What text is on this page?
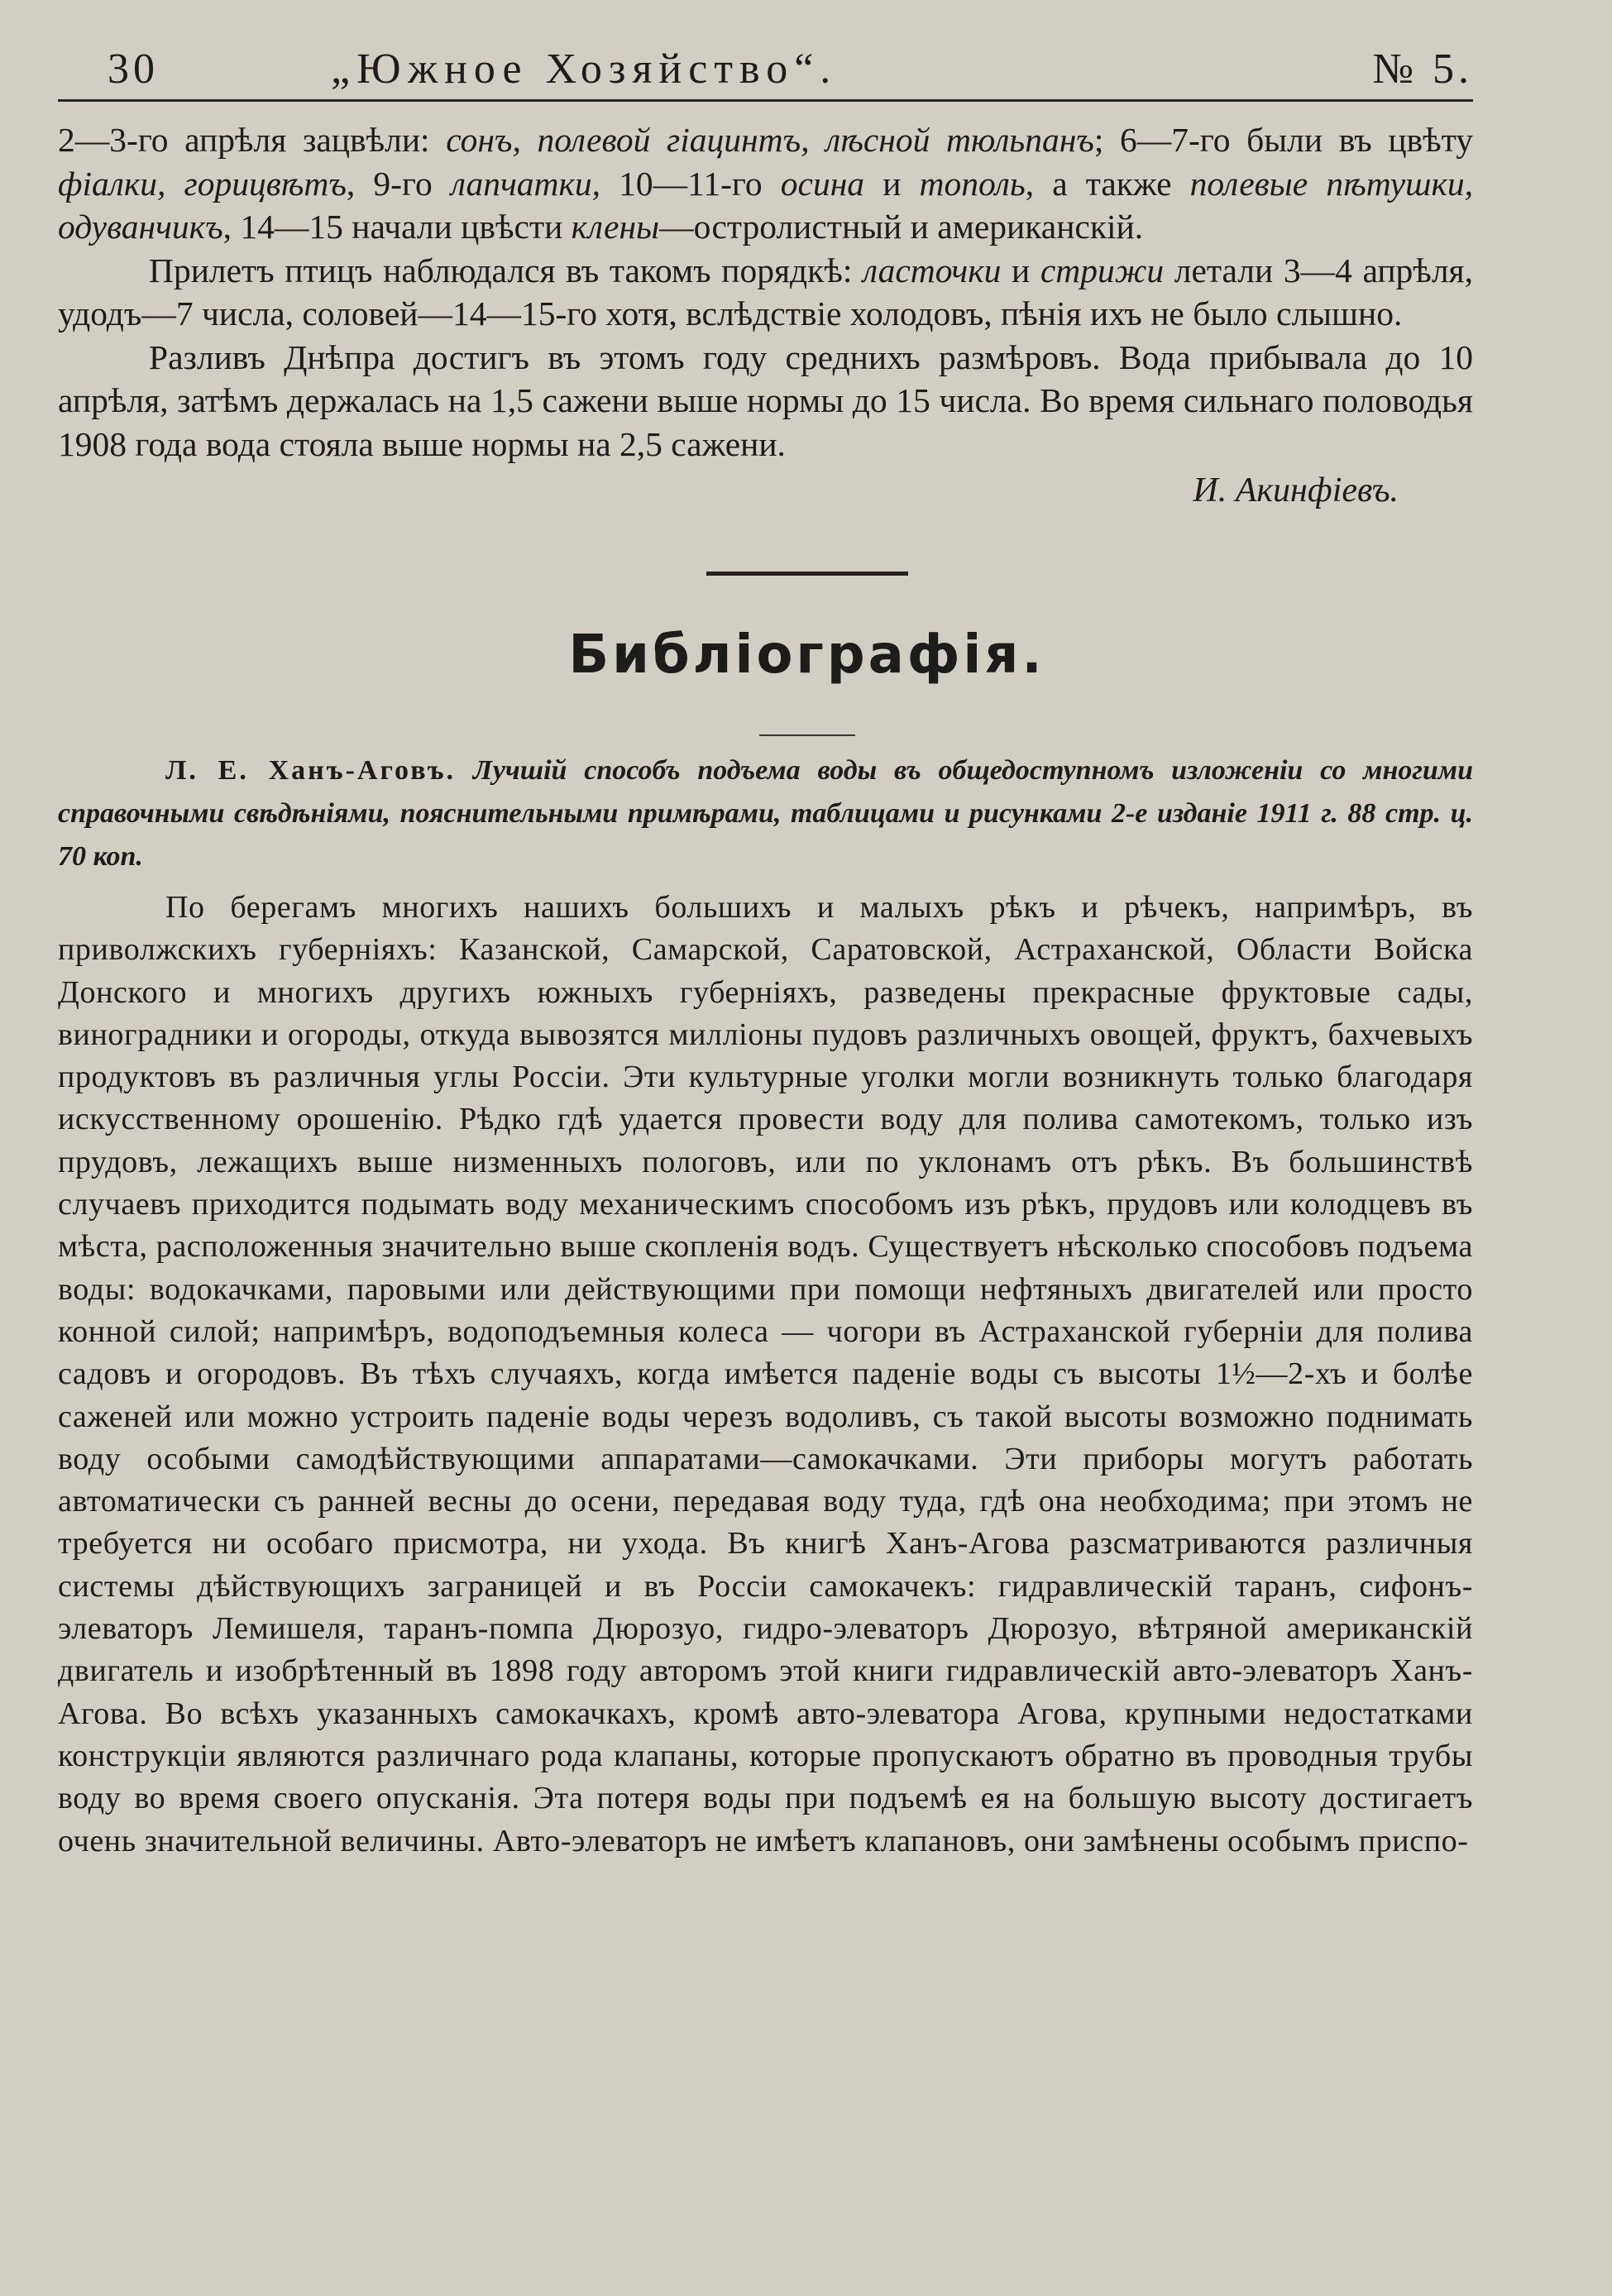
30	„Южное Хозяйство“.	№ 5.

2—3-го апрѣля зацвѣли: сонъ, полевой гіацинтъ, лѣсной тюльпанъ; 6—7-го были въ цвѣту фіалки, горицвѣтъ, 9-го лапчатки, 10—11-го осина и тополь, а также полевые пѣтушки, одуванчикъ, 14—15 начали цвѣсти клены—остролистный и американскій.

Прилетъ птицъ наблюдался въ такомъ порядкѣ: ласточки и стрижи летали 3—4 апрѣля, удодъ—7 числа, соловей—14—15-го хотя, вслѣдствіе холодовъ, пѣнія ихъ не было слышно.

Разливъ Днѣпра достигъ въ этомъ году среднихъ размѣровъ. Вода прибывала до 10 апрѣля, затѣмъ держалась на 1,5 сажени выше нормы до 15 числа. Во время сильнаго половодья 1908 года вода стояла выше нормы на 2,5 сажени.

И. Акинфіевъ.

Библіографія.

Л. Е. Ханъ-Аговъ. Лучшій способъ подъема воды въ общедоступномъ изложеніи со многими справочными свѣдѣніями, пояснительными примѣрами, таблицами и рисунками 2-е изданіе 1911 г. 88 стр. ц. 70 коп.

По берегамъ многихъ нашихъ большихъ и малыхъ рѣкъ и рѣчекъ, напримѣръ, въ приволжскихъ губерніяхъ: Казанской, Самарской, Саратовской, Астраханской, Области Войска Донского и многихъ другихъ южныхъ губерніяхъ, разведены прекрасные фруктовые сады, виноградники и огороды, откуда вывозятся милліоны пудовъ различныхъ овощей, фруктъ, бахчевыхъ продуктовъ въ различныя углы Россіи. Эти культурные уголки могли возникнуть только благодаря искусственному орошенію. Рѣдко гдѣ удается провести воду для полива самотекомъ, только изъ прудовъ, лежащихъ выше низменныхъ пологовъ, или по уклонамъ отъ рѣкъ. Въ большинствѣ случаевъ приходится подымать воду механическимъ способомъ изъ рѣкъ, прудовъ или колодцевъ въ мѣста, расположенныя значительно выше скопленія водъ. Существуетъ нѣсколько способовъ подъема воды: водокачками, паровыми или действующими при помощи нефтяныхъ двигателей или просто конной силой; напримѣръ, водоподъемныя колеса — чогори въ Астраханской губерніи для полива садовъ и огородовъ. Въ тѣхъ случаяхъ, когда имѣется паденіе воды съ высоты 1½—2-хъ и болѣе саженей или можно устроить паденіе воды черезъ водоливъ, съ такой высоты возможно поднимать воду особыми самодѣйствующими аппаратами—самокачками. Эти приборы могутъ работать автоматически съ ранней весны до осени, передавая воду туда, гдѣ она необходима; при этомъ не требуется ни особаго присмотра, ни ухода. Въ книгѣ Ханъ-Агова разсматриваются различныя системы дѣйствующихъ заграницей и въ Россіи самокачекъ: гидравлическій таранъ, сифонъ-элеваторъ Лемишеля, таранъ-помпа Дюрозуо, гидро-элеваторъ Дюрозуо, вѣтряной американскій двигатель и изобрѣтенный въ 1898 году авторомъ этой книги гидравлическій авто-элеваторъ Ханъ-Агова. Во всѣхъ указанныхъ самокачкахъ, кромѣ авто-элеватора Агова, крупными недостатками конструкціи являются различнаго рода клапаны, которые пропускаютъ обратно въ проводныя трубы воду во время своего опусканія. Эта потеря воды при подъемѣ ея на большую высоту достигаетъ очень значительной величины. Авто-элеваторъ не имѣетъ клапановъ, они замѣнены особымъ приспо-
